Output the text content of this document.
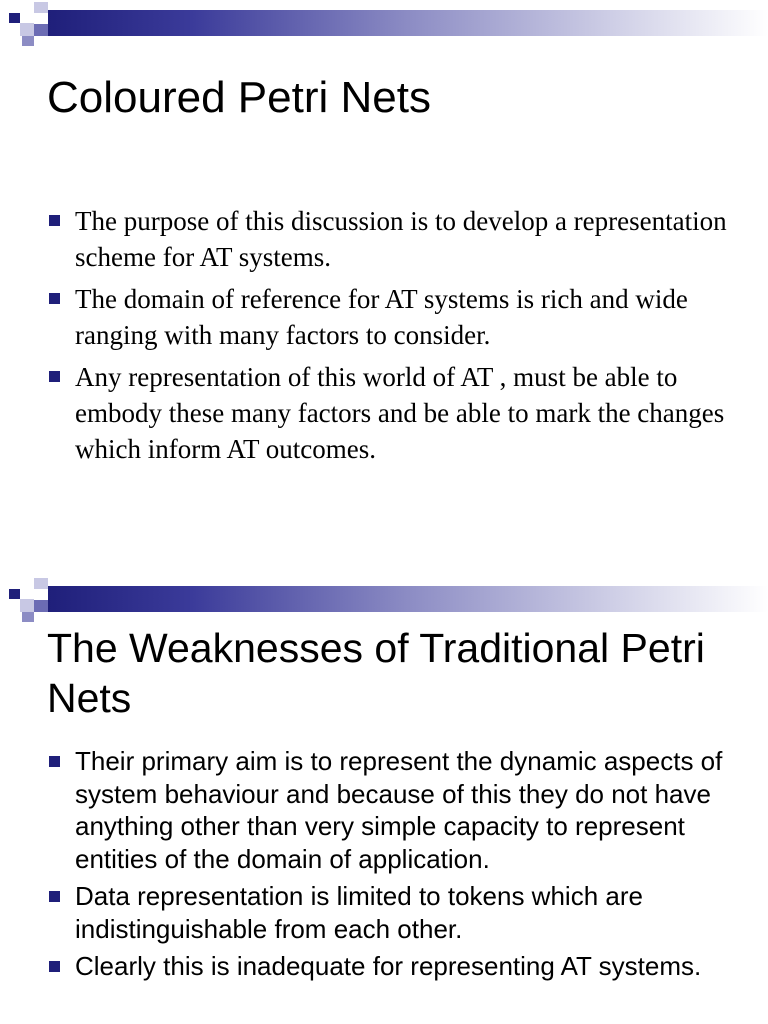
Coloured Petri Nets
The purpose of this discussion is to develop a representation scheme for AT systems.
The domain of reference for AT systems is rich and wide ranging with many factors to consider.
Any representation of this world of AT , must be able to embody these many factors and be able to mark the changes which inform AT outcomes.
The Weaknesses of Traditional Petri Nets
Their primary aim is to represent the dynamic aspects of system behaviour and because of this they do not have anything other than very simple capacity to represent entities of the domain of application.
Data representation is limited to tokens which are indistinguishable from each other.
Clearly this is inadequate for representing AT systems.
